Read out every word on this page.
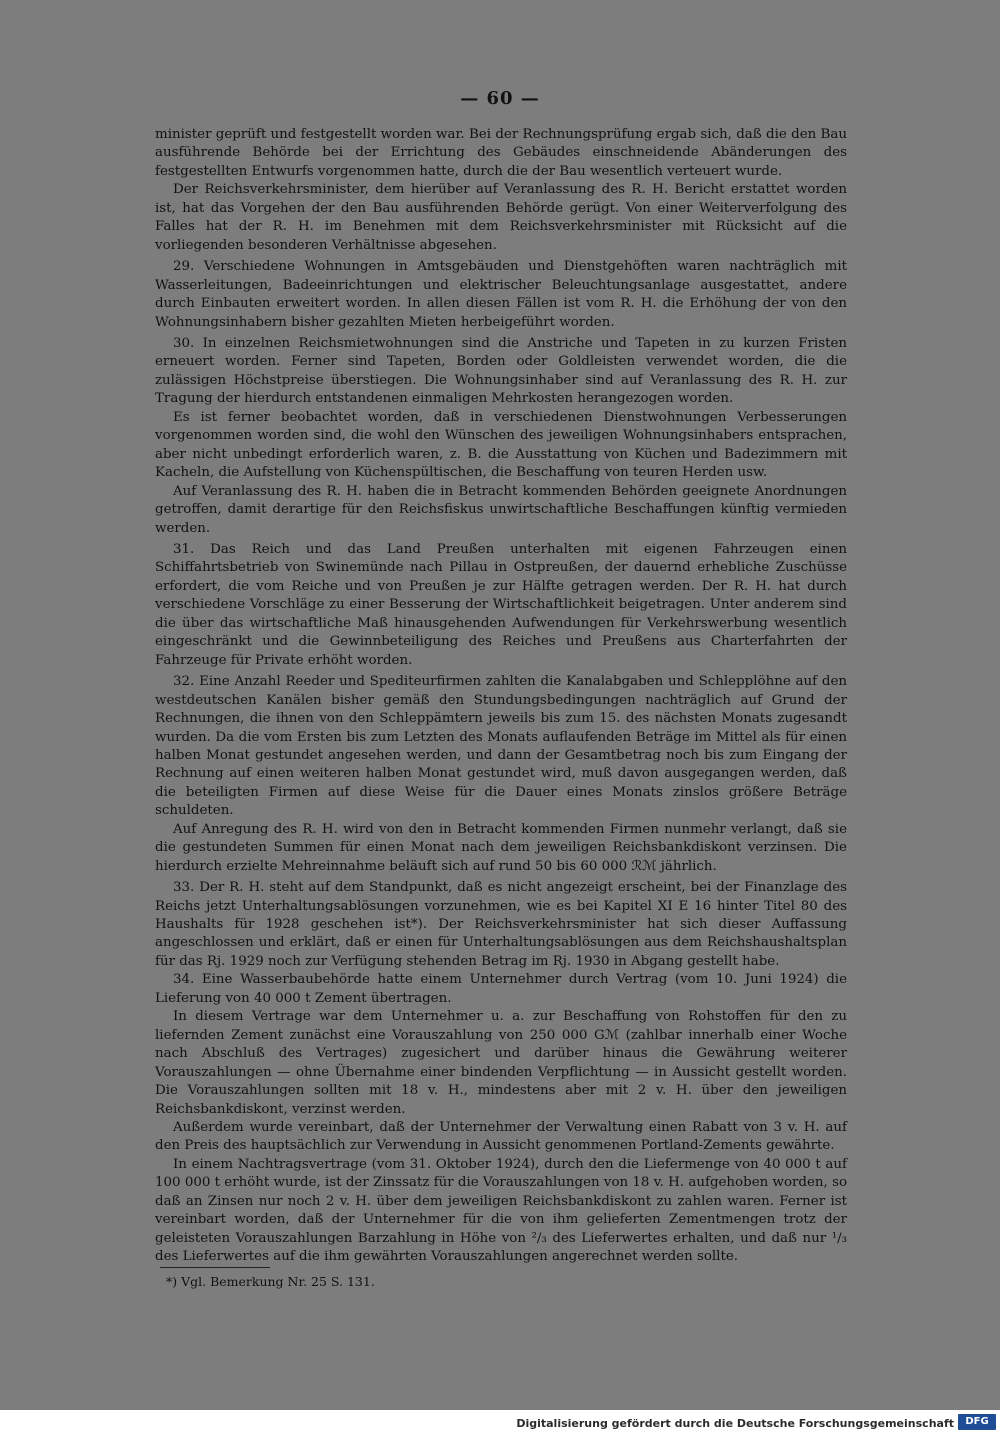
— 60 —

minister geprüft und festgestellt worden war. Bei der Rechnungsprüfung ergab sich, daß die den Bau ausführende Behörde bei der Errichtung des Gebäudes einschneidende Abänderungen des festgestellten Entwurfs vorgenommen hatte, durch die der Bau wesentlich verteuert wurde.

Der Reichsverkehrsminister, dem hierüber auf Veranlassung des R. H. Bericht erstattet worden ist, hat das Vorgehen der den Bau ausführenden Behörde gerügt. Von einer Weiterverfolgung des Falles hat der R. H. im Benehmen mit dem Reichsverkehrsminister mit Rücksicht auf die vorliegenden besonderen Verhältnisse abgesehen.

29. Verschiedene Wohnungen in Amtsgebäuden und Dienstgehöften waren nachträglich mit Wasserleitungen, Badeeinrichtungen und elektrischer Beleuchtungsanlage ausgestattet, andere durch Einbauten erweitert worden. In allen diesen Fällen ist vom R. H. die Erhöhung der von den Wohnungsinhabern bisher gezahlten Mieten herbeigeführt worden.

30. In einzelnen Reichsmietwohnungen sind die Anstriche und Tapeten in zu kurzen Fristen erneuert worden. Ferner sind Tapeten, Borden oder Goldleisten verwendet worden, die die zulässigen Höchstpreise überstiegen. Die Wohnungsinhaber sind auf Veranlassung des R. H. zur Tragung der hierdurch entstandenen einmaligen Mehrkosten herangezogen worden.

Es ist ferner beobachtet worden, daß in verschiedenen Dienstwohnungen Verbesserungen vorgenommen worden sind, die wohl den Wünschen des jeweiligen Wohnungsinhabers entsprachen, aber nicht unbedingt erforderlich waren, z. B. die Ausstattung von Küchen und Badezimmern mit Kacheln, die Aufstellung von Küchenspültischen, die Beschaffung von teuren Herden usw.

Auf Veranlassung des R. H. haben die in Betracht kommenden Behörden geeignete Anordnungen getroffen, damit derartige für den Reichsfiskus unwirtschaftliche Beschaffungen künftig vermieden werden.

31. Das Reich und das Land Preußen unterhalten mit eigenen Fahrzeugen einen Schiffahrtsbetrieb von Swinemünde nach Pillau in Ostpreußen, der dauernd erhebliche Zuschüsse erfordert, die vom Reiche und von Preußen je zur Hälfte getragen werden. Der R. H. hat durch verschiedene Vorschläge zu einer Besserung der Wirtschaftlichkeit beigetragen. Unter anderem sind die über das wirtschaftliche Maß hinausgehenden Aufwendungen für Verkehrswerbung wesentlich eingeschränkt und die Gewinnbeteiligung des Reiches und Preußens aus Charterfahrten der Fahrzeuge für Private erhöht worden.

32. Eine Anzahl Reeder und Spediteurfirmen zahlten die Kanalabgaben und Schlepplöhne auf den westdeutschen Kanälen bisher gemäß den Stundungsbedingungen nachträglich auf Grund der Rechnungen, die ihnen von den Schleppämtern jeweils bis zum 15. des nächsten Monats zugesandt wurden. Da die vom Ersten bis zum Letzten des Monats auflaufenden Beträge im Mittel als für einen halben Monat gestundet angesehen werden, und dann der Gesamtbetrag noch bis zum Eingang der Rechnung auf einen weiteren halben Monat gestundet wird, muß davon ausgegangen werden, daß die beteiligten Firmen auf diese Weise für die Dauer eines Monats zinslos größere Beträge schuldeten.

Auf Anregung des R. H. wird von den in Betracht kommenden Firmen nunmehr verlangt, daß sie die gestundeten Summen für einen Monat nach dem jeweiligen Reichsbankdiskont verzinsen. Die hierdurch erzielte Mehreinnahme beläuft sich auf rund 50 bis 60 000 ℛℳ jährlich.

33. Der R. H. steht auf dem Standpunkt, daß es nicht angezeigt erscheint, bei der Finanzlage des Reichs jetzt Unterhaltungsablösungen vorzunehmen, wie es bei Kapitel XI E 16 hinter Titel 80 des Haushalts für 1928 geschehen ist*). Der Reichsverkehrsminister hat sich dieser Auffassung angeschlossen und erklärt, daß er einen für Unterhaltungsablösungen aus dem Reichshaushaltsplan für das Rj. 1929 noch zur Verfügung stehenden Betrag im Rj. 1930 in Abgang gestellt habe.

34. Eine Wasserbaubehörde hatte einem Unternehmer durch Vertrag (vom 10. Juni 1924) die Lieferung von 40 000 t Zement übertragen.

In diesem Vertrage war dem Unternehmer u. a. zur Beschaffung von Rohstoffen für den zu liefernden Zement zunächst eine Vorauszahlung von 250 000 Gℳ (zahlbar innerhalb einer Woche nach Abschluß des Vertrages) zugesichert und darüber hinaus die Gewährung weiterer Vorauszahlungen — ohne Übernahme einer bindenden Verpflichtung — in Aussicht gestellt worden. Die Vorauszahlungen sollten mit 18 v. H., mindestens aber mit 2 v. H. über den jeweiligen Reichsbankdiskont, verzinst werden.

Außerdem wurde vereinbart, daß der Unternehmer der Verwaltung einen Rabatt von 3 v. H. auf den Preis des hauptsächlich zur Verwendung in Aussicht genommenen Portland-Zements gewährte.

In einem Nachtragsvertrage (vom 31. Oktober 1924), durch den die Liefermenge von 40 000 t auf 100 000 t erhöht wurde, ist der Zinssatz für die Vorauszahlungen von 18 v. H. aufgehoben worden, so daß an Zinsen nur noch 2 v. H. über dem jeweiligen Reichsbankdiskont zu zahlen waren. Ferner ist vereinbart worden, daß der Unternehmer für die von ihm gelieferten Zementmengen trotz der geleisteten Vorauszahlungen Barzahlung in Höhe von ²/₃ des Lieferwertes erhalten, und daß nur ¹/₃ des Lieferwertes auf die ihm gewährten Vorauszahlungen angerechnet werden sollte.

*) Vgl. Bemerkung Nr. 25 S. 131.
Digitalisierung gefördert durch die Deutsche Forschungsgemeinschaft	DFG
